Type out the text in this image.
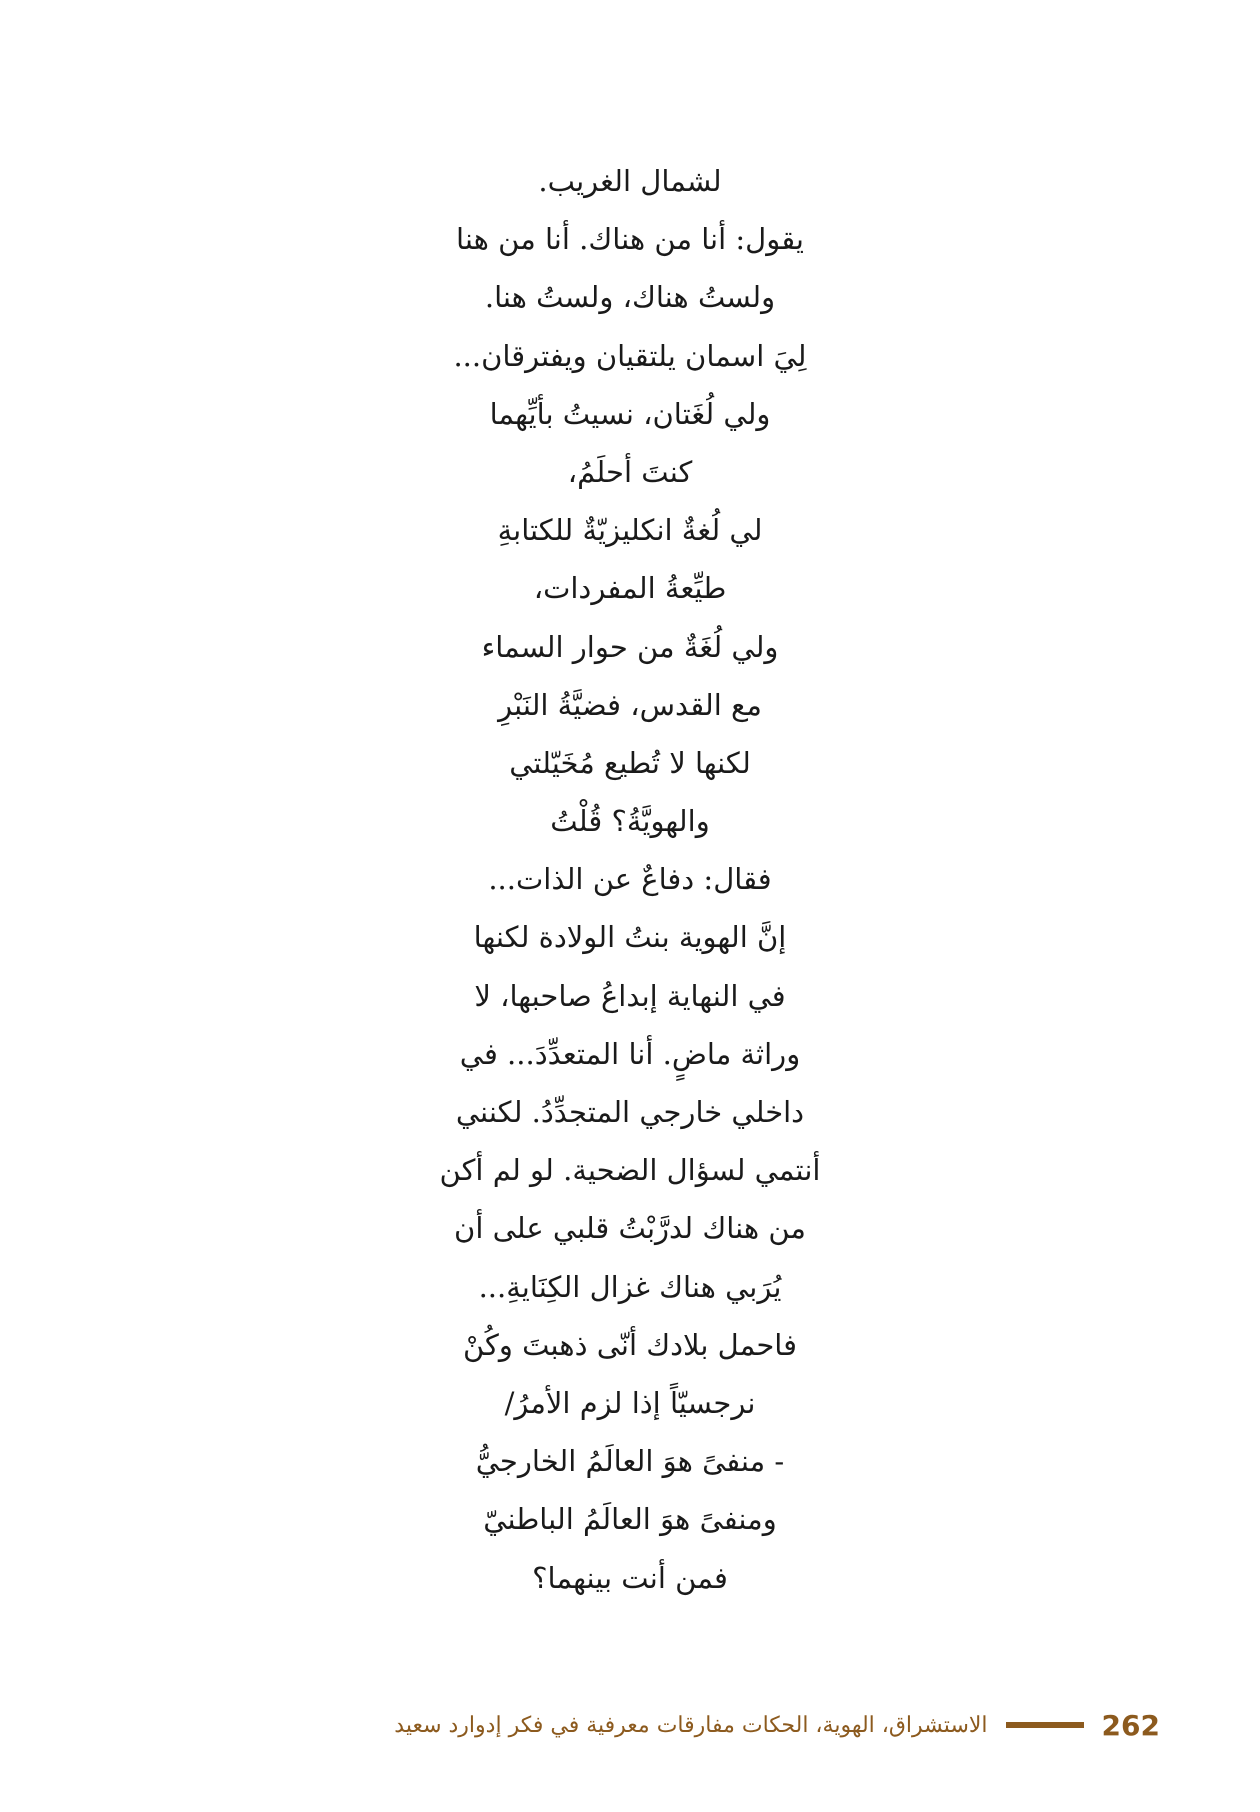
لشمال الغريب.
يقول: أنا من هناك. أنا من هنا
ولستُ هناك، ولستُ هنا.
لِيَ اسمان يلتقيان ويفترقان...
ولي لُغَتان، نسيتُ بأيِّهما
كنتَ أحلَمُ،
لي لُغةٌ انكليزيّةٌ للكتابةِ
طيِّعةُ المفردات،
ولي لُغَةٌ من حوار السماء
مع القدس، فضيَّةُ النَبْرِ
لكنها لا تُطيع مُخَيّلتي
والهويَّةُ؟ قُلْتُ
فقال: دفاعٌ عن الذات...
إنَّ الهوية بنتُ الولادة لكنها
في النهاية إبداعُ صاحبها، لا
وراثة ماضٍ. أنا المتعدِّدَ... في
داخلي خارجي المتجدِّدُ. لكنني
أنتمي لسؤال الضحية. لو لم أكن
من هناك لدرَّبْتُ قلبي على أن
يُرَبي هناك غزال الكِنَايةِ...
فاحمل بلادك أنّى ذهبتَ وكُنْ
نرجسيّاً إذا لزم الأمرُ/
- منفىً هوَ العالَمُ الخارجيُّ
ومنفىً هوَ العالَمُ الباطنيّ
فمن أنت بينهما؟
262
الاستشراق، الهوية، الحكات مفارقات معرفية في فكر إدوارد سعيد
